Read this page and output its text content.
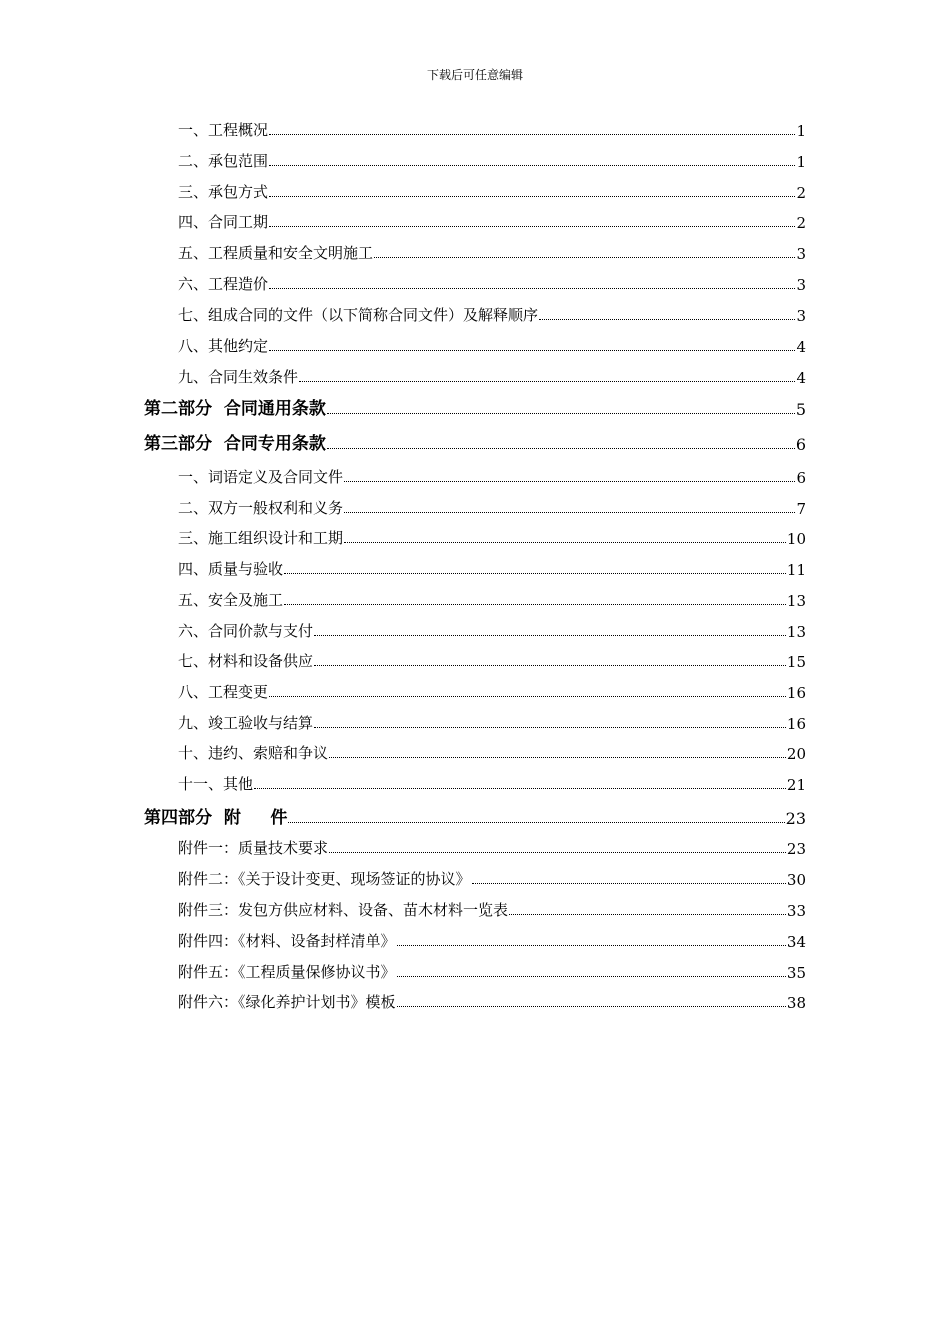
下载后可任意编辑
一、工程概况	1
二、承包范围	1
三、承包方式	2
四、合同工期	2
五、工程质量和安全文明施工	3
六、工程造价	3
七、组成合同的文件（以下简称合同文件）及解释顺序	3
八、其他约定	4
九、合同生效条件	4
第二部分  合同通用条款	5
第三部分  合同专用条款	6
一、词语定义及合同文件	6
二、双方一般权利和义务	7
三、施工组织设计和工期	10
四、质量与验收	11
五、安全及施工	13
六、合同价款与支付	13
七、材料和设备供应	15
八、工程变更	16
九、竣工验收与结算	16
十、违约、索赔和争议	20
十一、其他	21
第四部分  附     件	23
附件一：质量技术要求	23
附件二：《关于设计变更、现场签证的协议》	30
附件三：发包方供应材料、设备、苗木材料一览表	33
附件四：《材料、设备封样清单》	34
附件五：《工程质量保修协议书》	35
附件六：《绿化养护计划书》模板	38
